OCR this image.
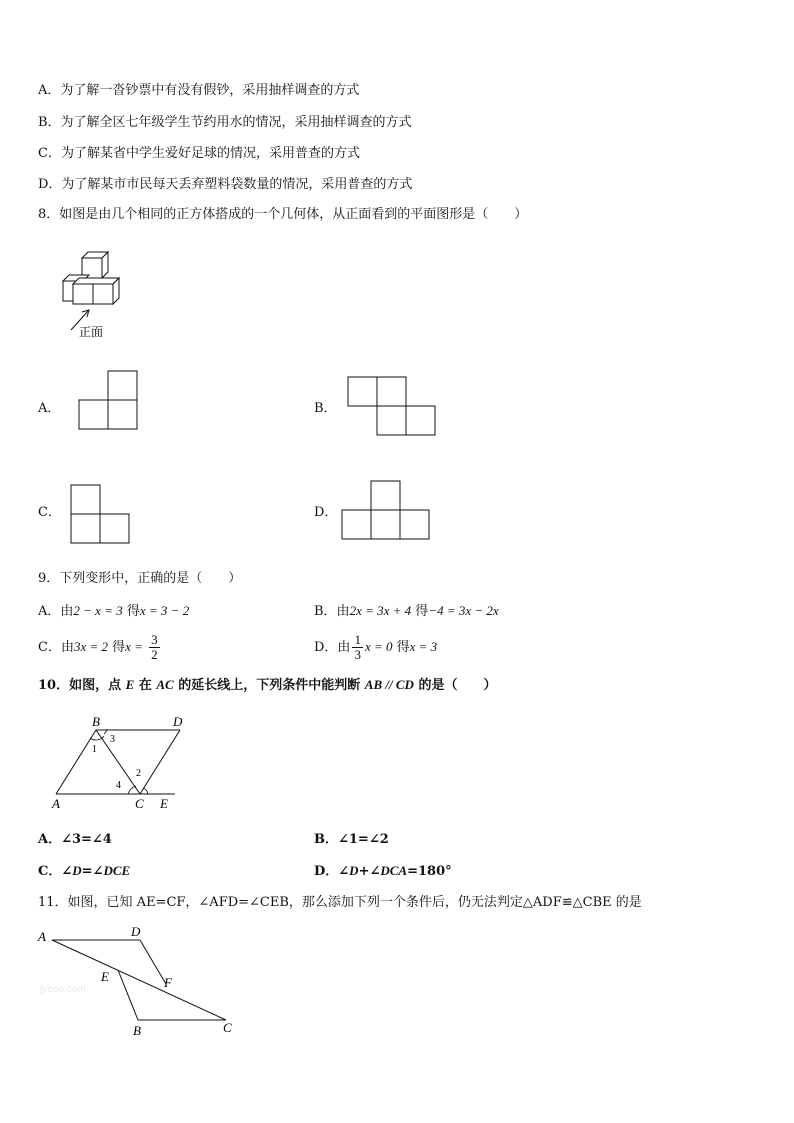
A．为了解一沓钞票中有没有假钞，采用抽样调查的方式
B．为了解全区七年级学生节约用水的情况，采用抽样调查的方式
C．为了解某省中学生爱好足球的情况，采用普查的方式
D．为了解某市市民每天丢弃塑料袋数量的情况，采用普查的方式
8．如图是由几个相同的正方体搭成的一个几何体，从正面看到的平面图形是（　　）
正面
A．	B．
C．	D．
9．下列变形中，正确的是（　　）
A．由2 − x = 3 得x = 3 − 2	B．由2x = 3x + 4 得−4 = 3x − 2x
C．由3x = 2 得$x = \frac{3}{2}$	D．由 $\frac{1}{3}$ x = 0 得x = 3
10．如图，点 E 在 AC 的延长线上，下列条件中能判断 AB // CD 的是（　　）
B	D
A	C E
1
2
3
4
A．∠3=∠4	B．∠1=∠2
C．∠D=∠DCE	D．∠D+∠DCA=180°
11．如图，已知 AE=CF，∠AFD=∠CEB，那么添加下列一个条件后，仍无法判定△ADF≌△CBE 的是
A	D
E	F
B	C
jyeoo.com
